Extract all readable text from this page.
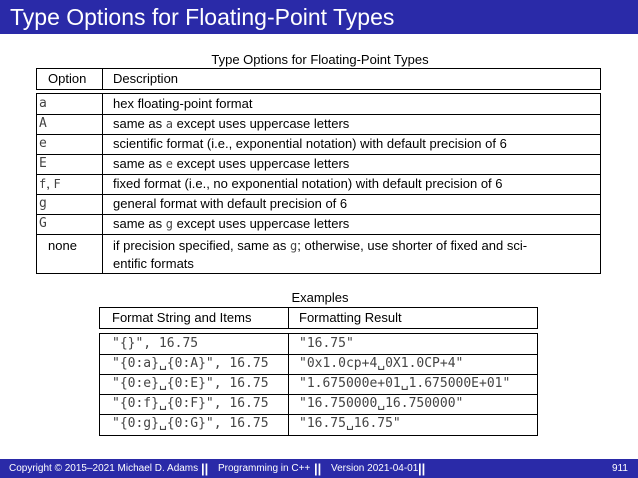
Type Options for Floating-Point Types
Type Options for Floating-Point Types
Option Description
a	hex floating-point format
A	same as a except uses uppercase letters
e	scientific format (i.e., exponential notation) with default precision of 6
E	same as e except uses uppercase letters
f, F	fixed format (i.e., no exponential notation) with default precision of 6
g	general format with default precision of 6
G	same as g except uses uppercase letters
none	if precision specified, same as g; otherwise, use shorter of fixed and sci-
entific formats
Examples
Format String and Items	Formatting Result
"{}", 16.75	"16.75"
"{0:a}␣{0:A}", 16.75 "0x1.0cp+4␣0X1.0CP+4"
"{0:e}␣{0:E}", 16.75 "1.675000e+01␣1.675000E+01"
"{0:f}␣{0:F}", 16.75 "16.750000␣16.750000"
"{0:g}␣{0:G}", 16.75 "16.75␣16.75"
Copyright © 2015–2021 Michael D. Adams || Programming in C++ || Version 2021-04-01 ||	911
